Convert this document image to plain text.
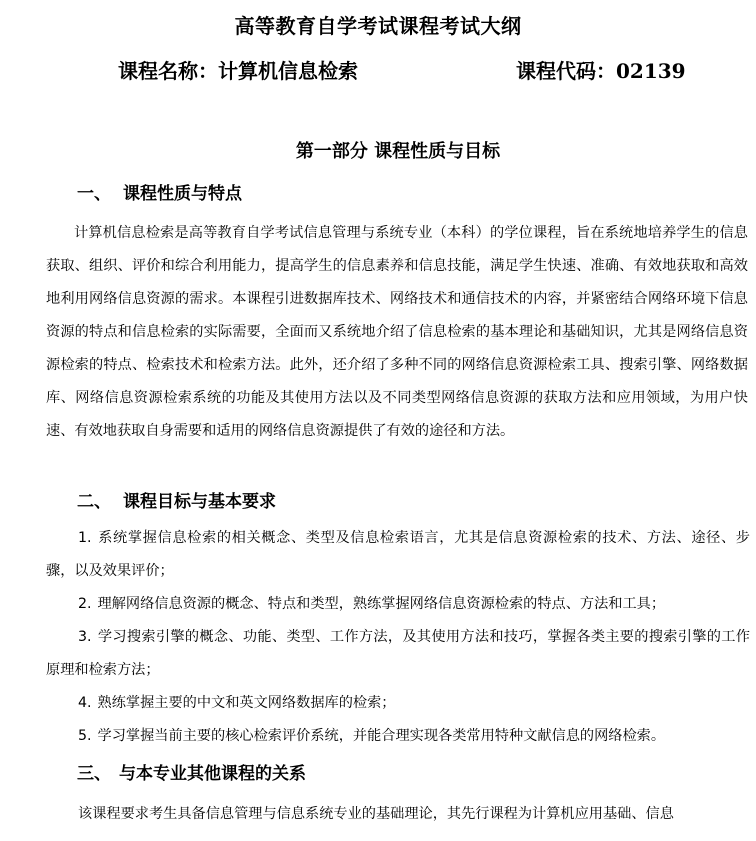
高等教育自学考试课程考试大纲
课程名称：计算机信息检索	课程代码：02139
第一部分 课程性质与目标
一、 课程性质与特点
计算机信息检索是高等教育自学考试信息管理与系统专业（本科）的学位课程，旨在系统地培养学生的信息获取、组织、评价和综合利用能力，提高学生的信息素养和信息技能，满足学生快速、准确、有效地获取和高效地利用网络信息资源的需求。本课程引进数据库技术、网络技术和通信技术的内容，并紧密结合网络环境下信息资源的特点和信息检索的实际需要，全面而又系统地介绍了信息检索的基本理论和基础知识，尤其是网络信息资源检索的特点、检索技术和检索方法。此外，还介绍了多种不同的网络信息资源检索工具、搜索引擎、网络数据库、网络信息资源检索系统的功能及其使用方法以及不同类型网络信息资源的获取方法和应用领域，为用户快速、有效地获取自身需要和适用的网络信息资源提供了有效的途径和方法。
二、 课程目标与基本要求
1. 系统掌握信息检索的相关概念、类型及信息检索语言，尤其是信息资源检索的技术、方法、途径、步骤，以及效果评价；
2. 理解网络信息资源的概念、特点和类型，熟练掌握网络信息资源检索的特点、方法和工具；
3. 学习搜索引擎的概念、功能、类型、工作方法，及其使用方法和技巧，掌握各类主要的搜索引擎的工作原理和检索方法；
4. 熟练掌握主要的中文和英文网络数据库的检索；
5. 学习掌握当前主要的核心检索评价系统，并能合理实现各类常用特种文献信息的网络检索。
三、 与本专业其他课程的关系
该课程要求考生具备信息管理与信息系统专业的基础理论，其先行课程为计算机应用基础、信息
